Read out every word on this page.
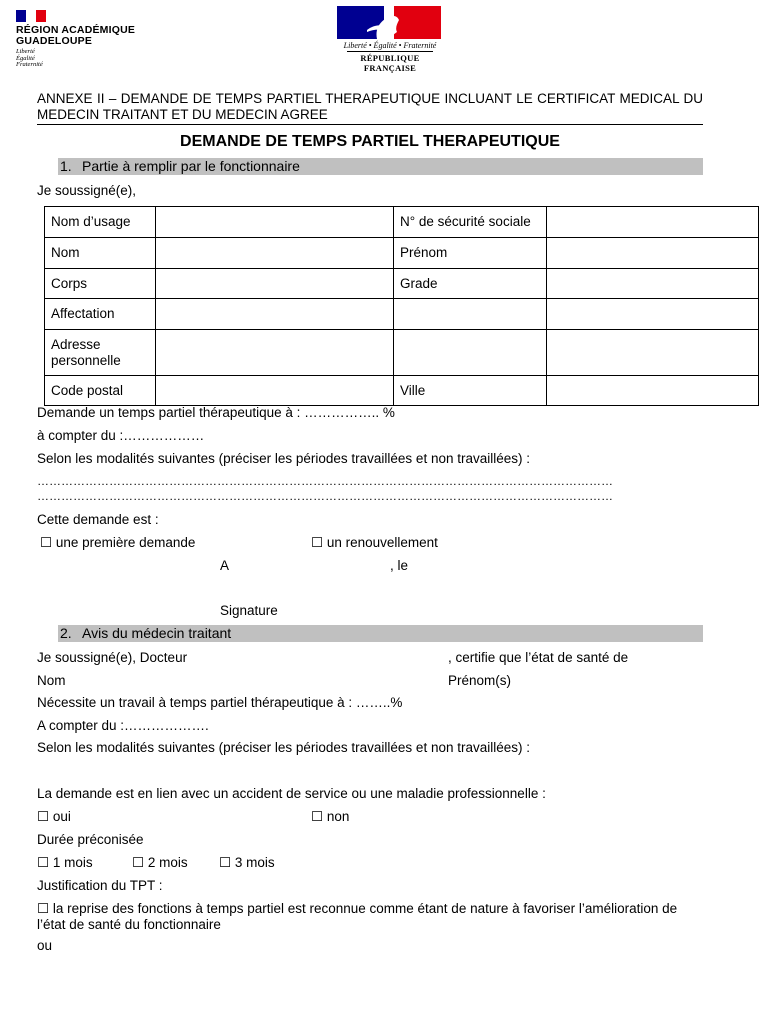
RÉGION ACADÉMIQUE
GUADELOUPE
Liberté
Égalité
Fraternité
Liberté • Égalité • Fraternité
RÉPUBLIQUE FRANÇAISE
ANNEXE II – DEMANDE DE TEMPS PARTIEL THERAPEUTIQUE INCLUANT LE CERTIFICAT MEDICAL DU MEDECIN TRAITANT ET DU MEDECIN AGREE
DEMANDE DE TEMPS PARTIEL THERAPEUTIQUE
1. Partie à remplir par le fonctionnaire
Je soussigné(e),
Nom d’usage		N° de sécurité sociale	
Nom		Prénom	
Corps		Grade	
Affectation			
Adresse personnelle			
Code postal		Ville	
Demande un temps partiel thérapeutique à : …………….. %
à compter du :………………
Selon les modalités suivantes (préciser les périodes travaillées et non travaillées) :
………………………………………………………………………………………………………………………………
………………………………………………………………………………………………………………………………
Cette demande est :
☐ une première demande	☐ un renouvellement
A	, le
Signature
2. Avis du médecin traitant
Je soussigné(e), Docteur	, certifie que l’état de santé de
Nom	Prénom(s)
Nécessite un travail à temps partiel thérapeutique à : ……..%
A compter du :……………….
Selon les modalités suivantes (préciser les périodes travaillées et non travaillées) :
La demande est en lien avec un accident de service ou une maladie professionnelle :
☐ oui	☐ non
Durée préconisée
☐ 1 mois	☐ 2 mois ☐ 3 mois
Justification du TPT :
☐ la reprise des fonctions à temps partiel est reconnue comme étant de nature à favoriser l’amélioration de l’état de santé du fonctionnaire
ou
